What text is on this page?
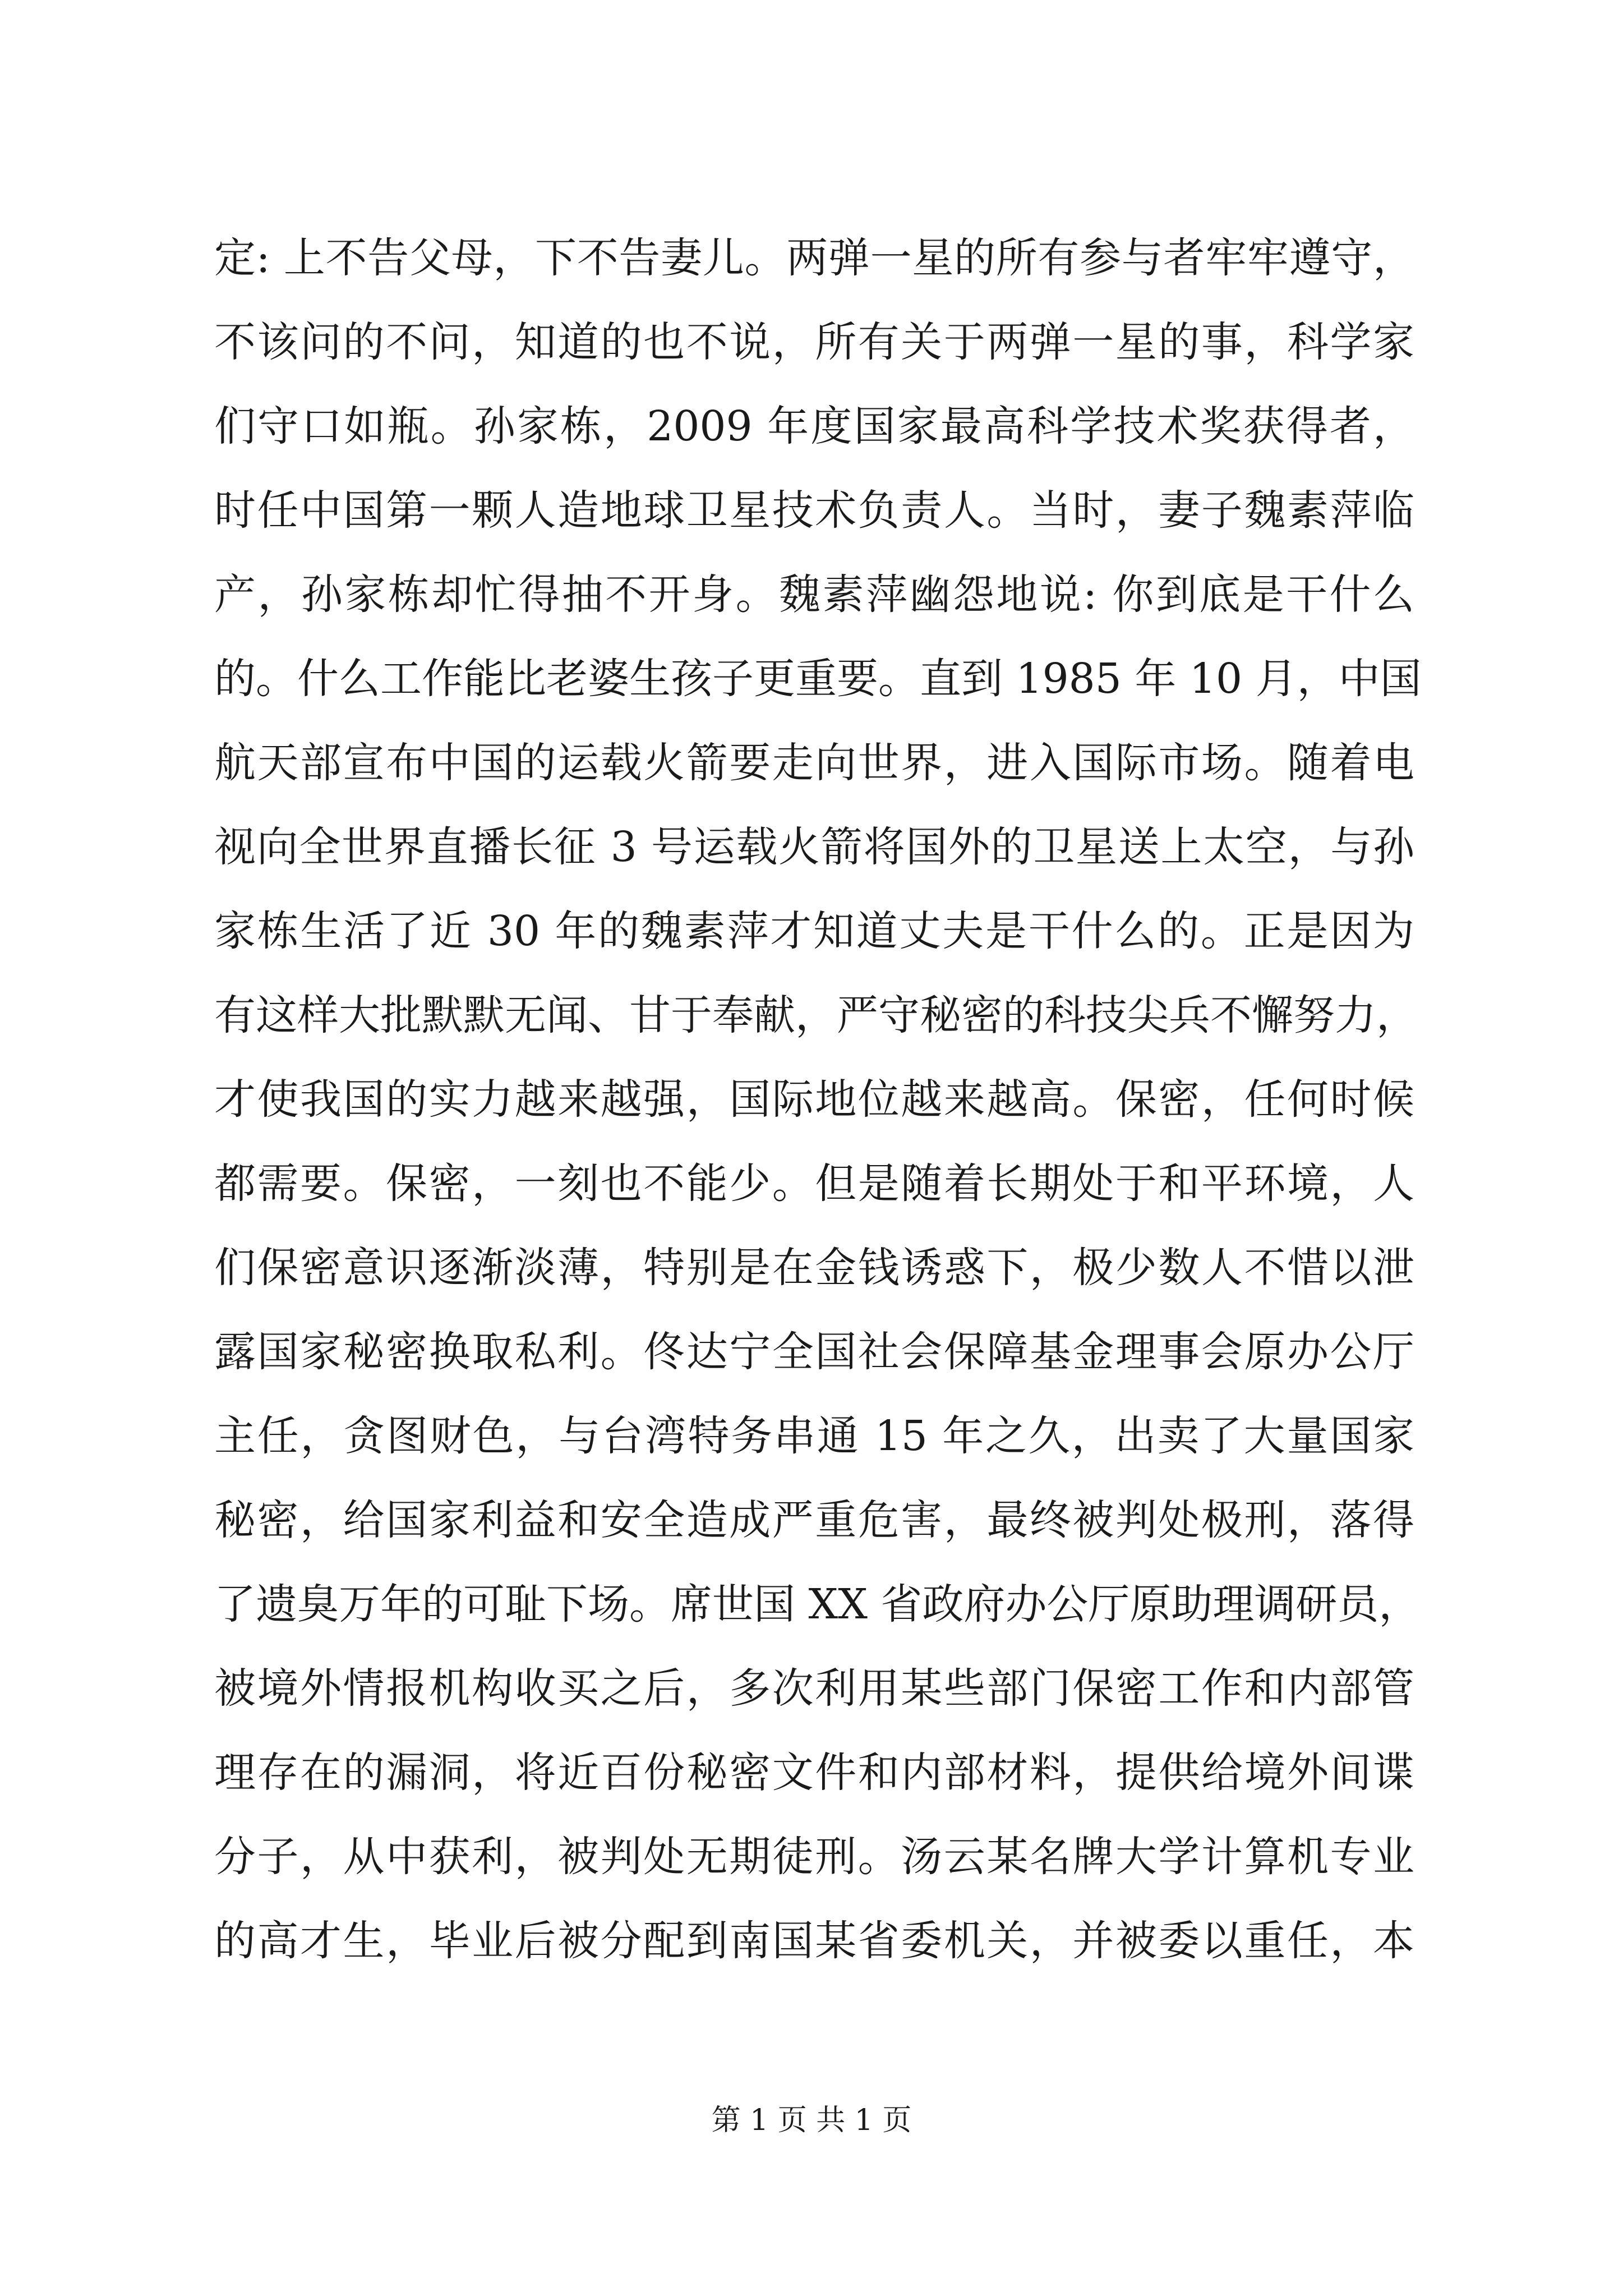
定: 上不告父母，下不告妻儿。两弹一星的所有参与者牢牢遵守，
不该问的不问，知道的也不说，所有关于两弹一星的事，科学家
们守口如瓶。孙家栋，2009 年度国家最高科学技术奖获得者，
时任中国第一颗人造地球卫星技术负责人。当时，妻子魏素萍临
产，孙家栋却忙得抽不开身。魏素萍幽怨地说: 你到底是干什么
的。什么工作能比老婆生孩子更重要。直到 1985 年 10 月，中国
航天部宣布中国的运载火箭要走向世界，进入国际市场。随着电
视向全世界直播长征 3 号运载火箭将国外的卫星送上太空，与孙
家栋生活了近 30 年的魏素萍才知道丈夫是干什么的。正是因为
有这样大批默默无闻、甘于奉献，严守秘密的科技尖兵不懈努力，
才使我国的实力越来越强，国际地位越来越高。保密，任何时候
都需要。保密，一刻也不能少。但是随着长期处于和平环境，人
们保密意识逐渐淡薄，特别是在金钱诱惑下，极少数人不惜以泄
露国家秘密换取私利。佟达宁全国社会保障基金理事会原办公厅
主任，贪图财色，与台湾特务串通 15 年之久，出卖了大量国家
秘密，给国家利益和安全造成严重危害，最终被判处极刑，落得
了遗臭万年的可耻下场。席世国 XX 省政府办公厅原助理调研员，
被境外情报机构收买之后，多次利用某些部门保密工作和内部管
理存在的漏洞，将近百份秘密文件和内部材料，提供给境外间谍
分子，从中获利，被判处无期徒刑。汤云某名牌大学计算机专业
的高才生，毕业后被分配到南国某省委机关，并被委以重任，本
第 1 页 共 1 页
